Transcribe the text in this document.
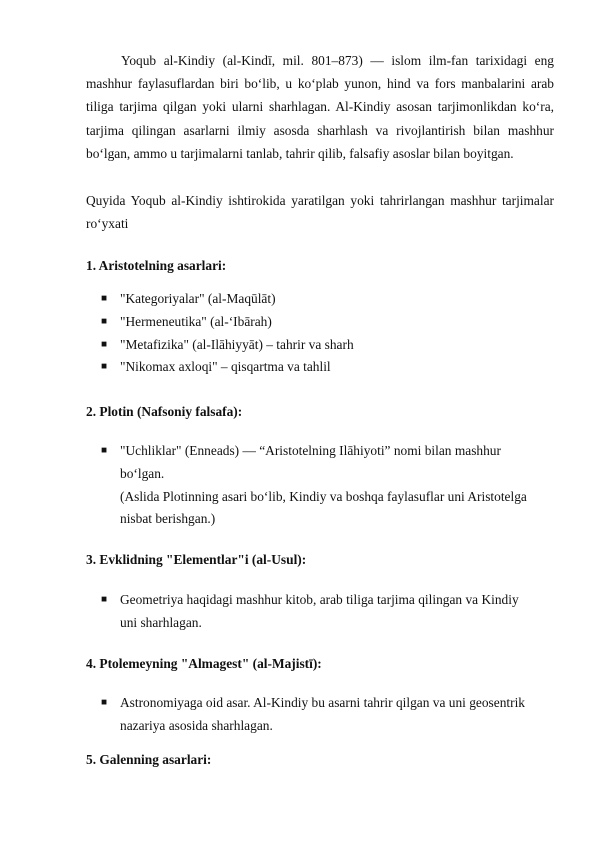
Yoqub al-Kindiy (al-Kindī, mil. 801–873) — islom ilm-fan tarixidagi eng mashhur faylasuflardan biri bo‘lib, u ko‘plab yunon, hind va fors manbalarini arab tiliga tarjima qilgan yoki ularni sharhlagan. Al-Kindiy asosan tarjimonlikdan ko‘ra, tarjima qilingan asarlarni ilmiy asosda sharhlash va rivojlantirish bilan mashhur bo‘lgan, ammo u tarjimalarni tanlab, tahrir qilib, falsafiy asoslar bilan boyitgan.

Quyida Yoqub al-Kindiy ishtirokida yaratilgan yoki tahrirlangan mashhur tarjimalar ro‘yxati

1. Aristotelning asarlari:

■ "Kategoriyalar" (al-Maqūlāt)
■ "Hermeneutika" (al-‘Ibārah)
■ "Metafizika" (al-Ilāhiyyāt) – tahrir va sharh
■ "Nikomax axloqi" – qisqartma va tahlil

2. Plotin (Nafsoniy falsafa):

■ "Uchliklar" (Enneads) — “Aristotelning Ilāhiyoti” nomi bilan mashhur
bo‘lgan.
(Aslida Plotinning asari bo‘lib, Kindiy va boshqa faylasuflar uni Aristotelga
nisbat berishgan.)

3. Evklidning "Elementlar"i (al-Usul):

■ Geometriya haqidagi mashhur kitob, arab tiliga tarjima qilingan va Kindiy
uni sharhlagan.

4. Ptolemeyning "Almagest" (al-Majistī):

■ Astronomiyaga oid asar. Al-Kindiy bu asarni tahrir qilgan va uni geosentrik
nazariya asosida sharhlagan.

5. Galenning asarlari:
